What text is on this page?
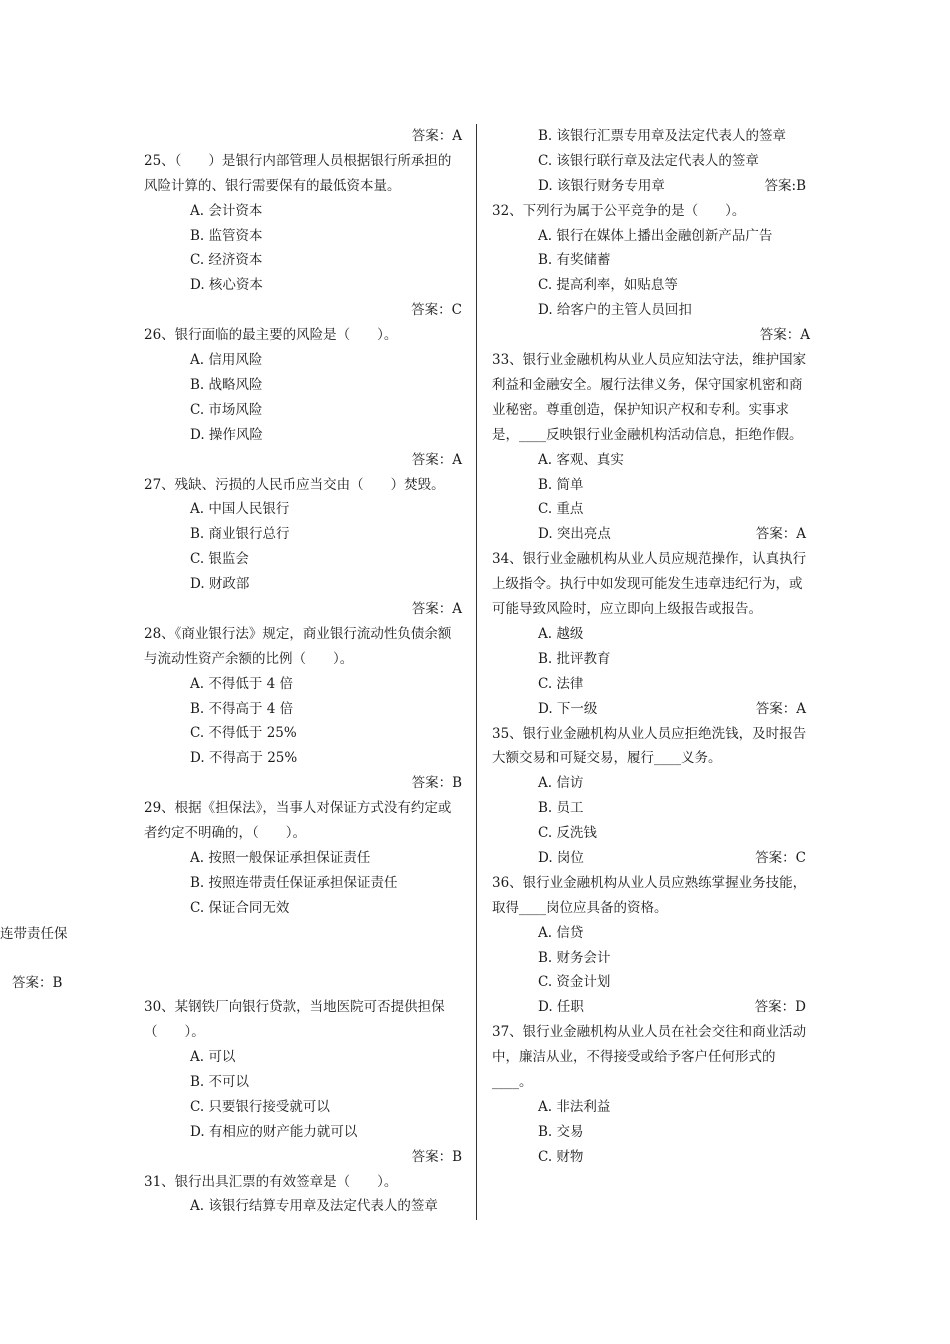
答案：A
25、（　　）是银行内部管理人员根据银行所承担的风险计算的、银行需要保有的最低资本量。
A. 会计资本
B. 监管资本
C. 经济资本
D. 核心资本
答案：C
26、银行面临的最主要的风险是（　　）。
A. 信用风险
B. 战略风险
C. 市场风险
D. 操作风险
答案：A
27、残缺、污损的人民币应当交由（　　）焚毁。
A. 中国人民银行
B. 商业银行总行
C. 银监会
D. 财政部
答案：A
28、《商业银行法》规定，商业银行流动性负债余额与流动性资产余额的比例（　　）。
A. 不得低于 4 倍
B. 不得高于 4 倍
C. 不得低于 25%
D. 不得高于 25%
答案：B
29、根据《担保法》，当事人对保证方式没有约定或者约定不明确的，（　　）。
A. 按照一般保证承担保证责任
B. 按照连带责任保证承担保证责任
C. 保证合同无效
30、某钢铁厂向银行贷款，当地医院可否提供担保（　　）。
A. 可以
B. 不可以
C. 只要银行接受就可以
D. 有相应的财产能力就可以
答案：B
31、银行出具汇票的有效签章是（　　）。
A. 该银行结算专用章及法定代表人的签章
B. 该银行汇票专用章及法定代表人的签章
C. 该银行联行章及法定代表人的签章
D. 该银行财务专用章	答案:B
32、下列行为属于公平竞争的是（　　）。
A. 银行在媒体上播出金融创新产品广告
B. 有奖储蓄
C. 提高利率，如贴息等
D. 给客户的主管人员回扣
答案：A
33、银行业金融机构从业人员应知法守法，维护国家利益和金融安全。履行法律义务，保守国家机密和商业秘密。尊重创造，保护知识产权和专利。实事求是，____反映银行业金融机构活动信息，拒绝作假。
A. 客观、真实
B. 简单
C. 重点
D. 突出亮点	答案：A
34、银行业金融机构从业人员应规范操作，认真执行上级指令。执行中如发现可能发生违章违纪行为，或可能导致风险时，应立即向上级报告或报告。
A. 越级
B. 批评教育
C. 法律
D. 下一级	答案：A
35、银行业金融机构从业人员应拒绝洗钱，及时报告大额交易和可疑交易，履行____义务。
A. 信访
B. 员工
C. 反洗钱
D. 岗位	答案：C
36、银行业金融机构从业人员应熟练掌握业务技能，取得____岗位应具备的资格。
A. 信贷
B. 财务会计
C. 资金计划
D. 任职	答案：D
37、银行业金融机构从业人员在社会交往和商业活动中，廉洁从业，不得接受或给予客户任何形式的____。
A. 非法利益
B. 交易
C. 财物
连带责任保
答案：B
